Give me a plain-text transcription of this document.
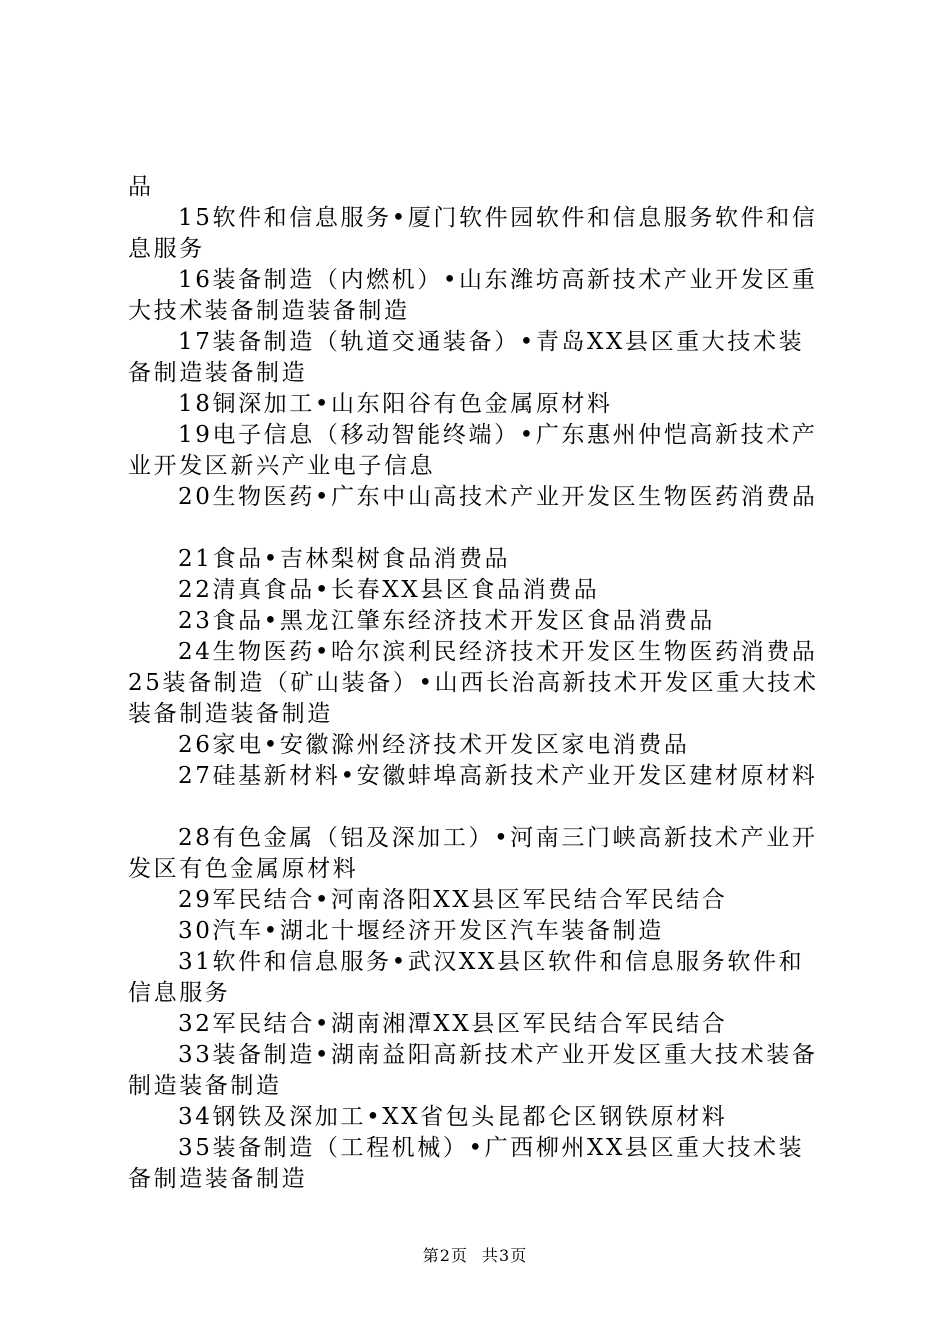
品

15软件和信息服务•厦门软件园软件和信息服务软件和信息服务

16装备制造（内燃机）•山东潍坊高新技术产业开发区重大技术装备制造装备制造

17装备制造（轨道交通装备）•青岛XX县区重大技术装备制造装备制造

18铜深加工•山东阳谷有色金属原材料

19电子信息（移动智能终端）•广东惠州仲恺高新技术产业开发区新兴产业电子信息

20生物医药•广东中山高技术产业开发区生物医药消费品

21食品•吉林梨树食品消费品

22清真食品•长春XX县区食品消费品

23食品•黑龙江肇东经济技术开发区食品消费品

24生物医药•哈尔滨利民经济技术开发区生物医药消费品

25装备制造（矿山装备）•山西长治高新技术开发区重大技术装备制造装备制造

26家电•安徽滁州经济技术开发区家电消费品

27硅基新材料•安徽蚌埠高新技术产业开发区建材原材料

28有色金属（铝及深加工）•河南三门峡高新技术产业开发区有色金属原材料

29军民结合•河南洛阳XX县区军民结合军民结合

30汽车•湖北十堰经济开发区汽车装备制造

31软件和信息服务•武汉XX县区软件和信息服务软件和信息服务

32军民结合•湖南湘潭XX县区军民结合军民结合

33装备制造•湖南益阳高新技术产业开发区重大技术装备制造装备制造

34钢铁及深加工•XX省包头昆都仑区钢铁原材料

35装备制造（工程机械）•广西柳州XX县区重大技术装备制造装备制造

第2页 共3页
